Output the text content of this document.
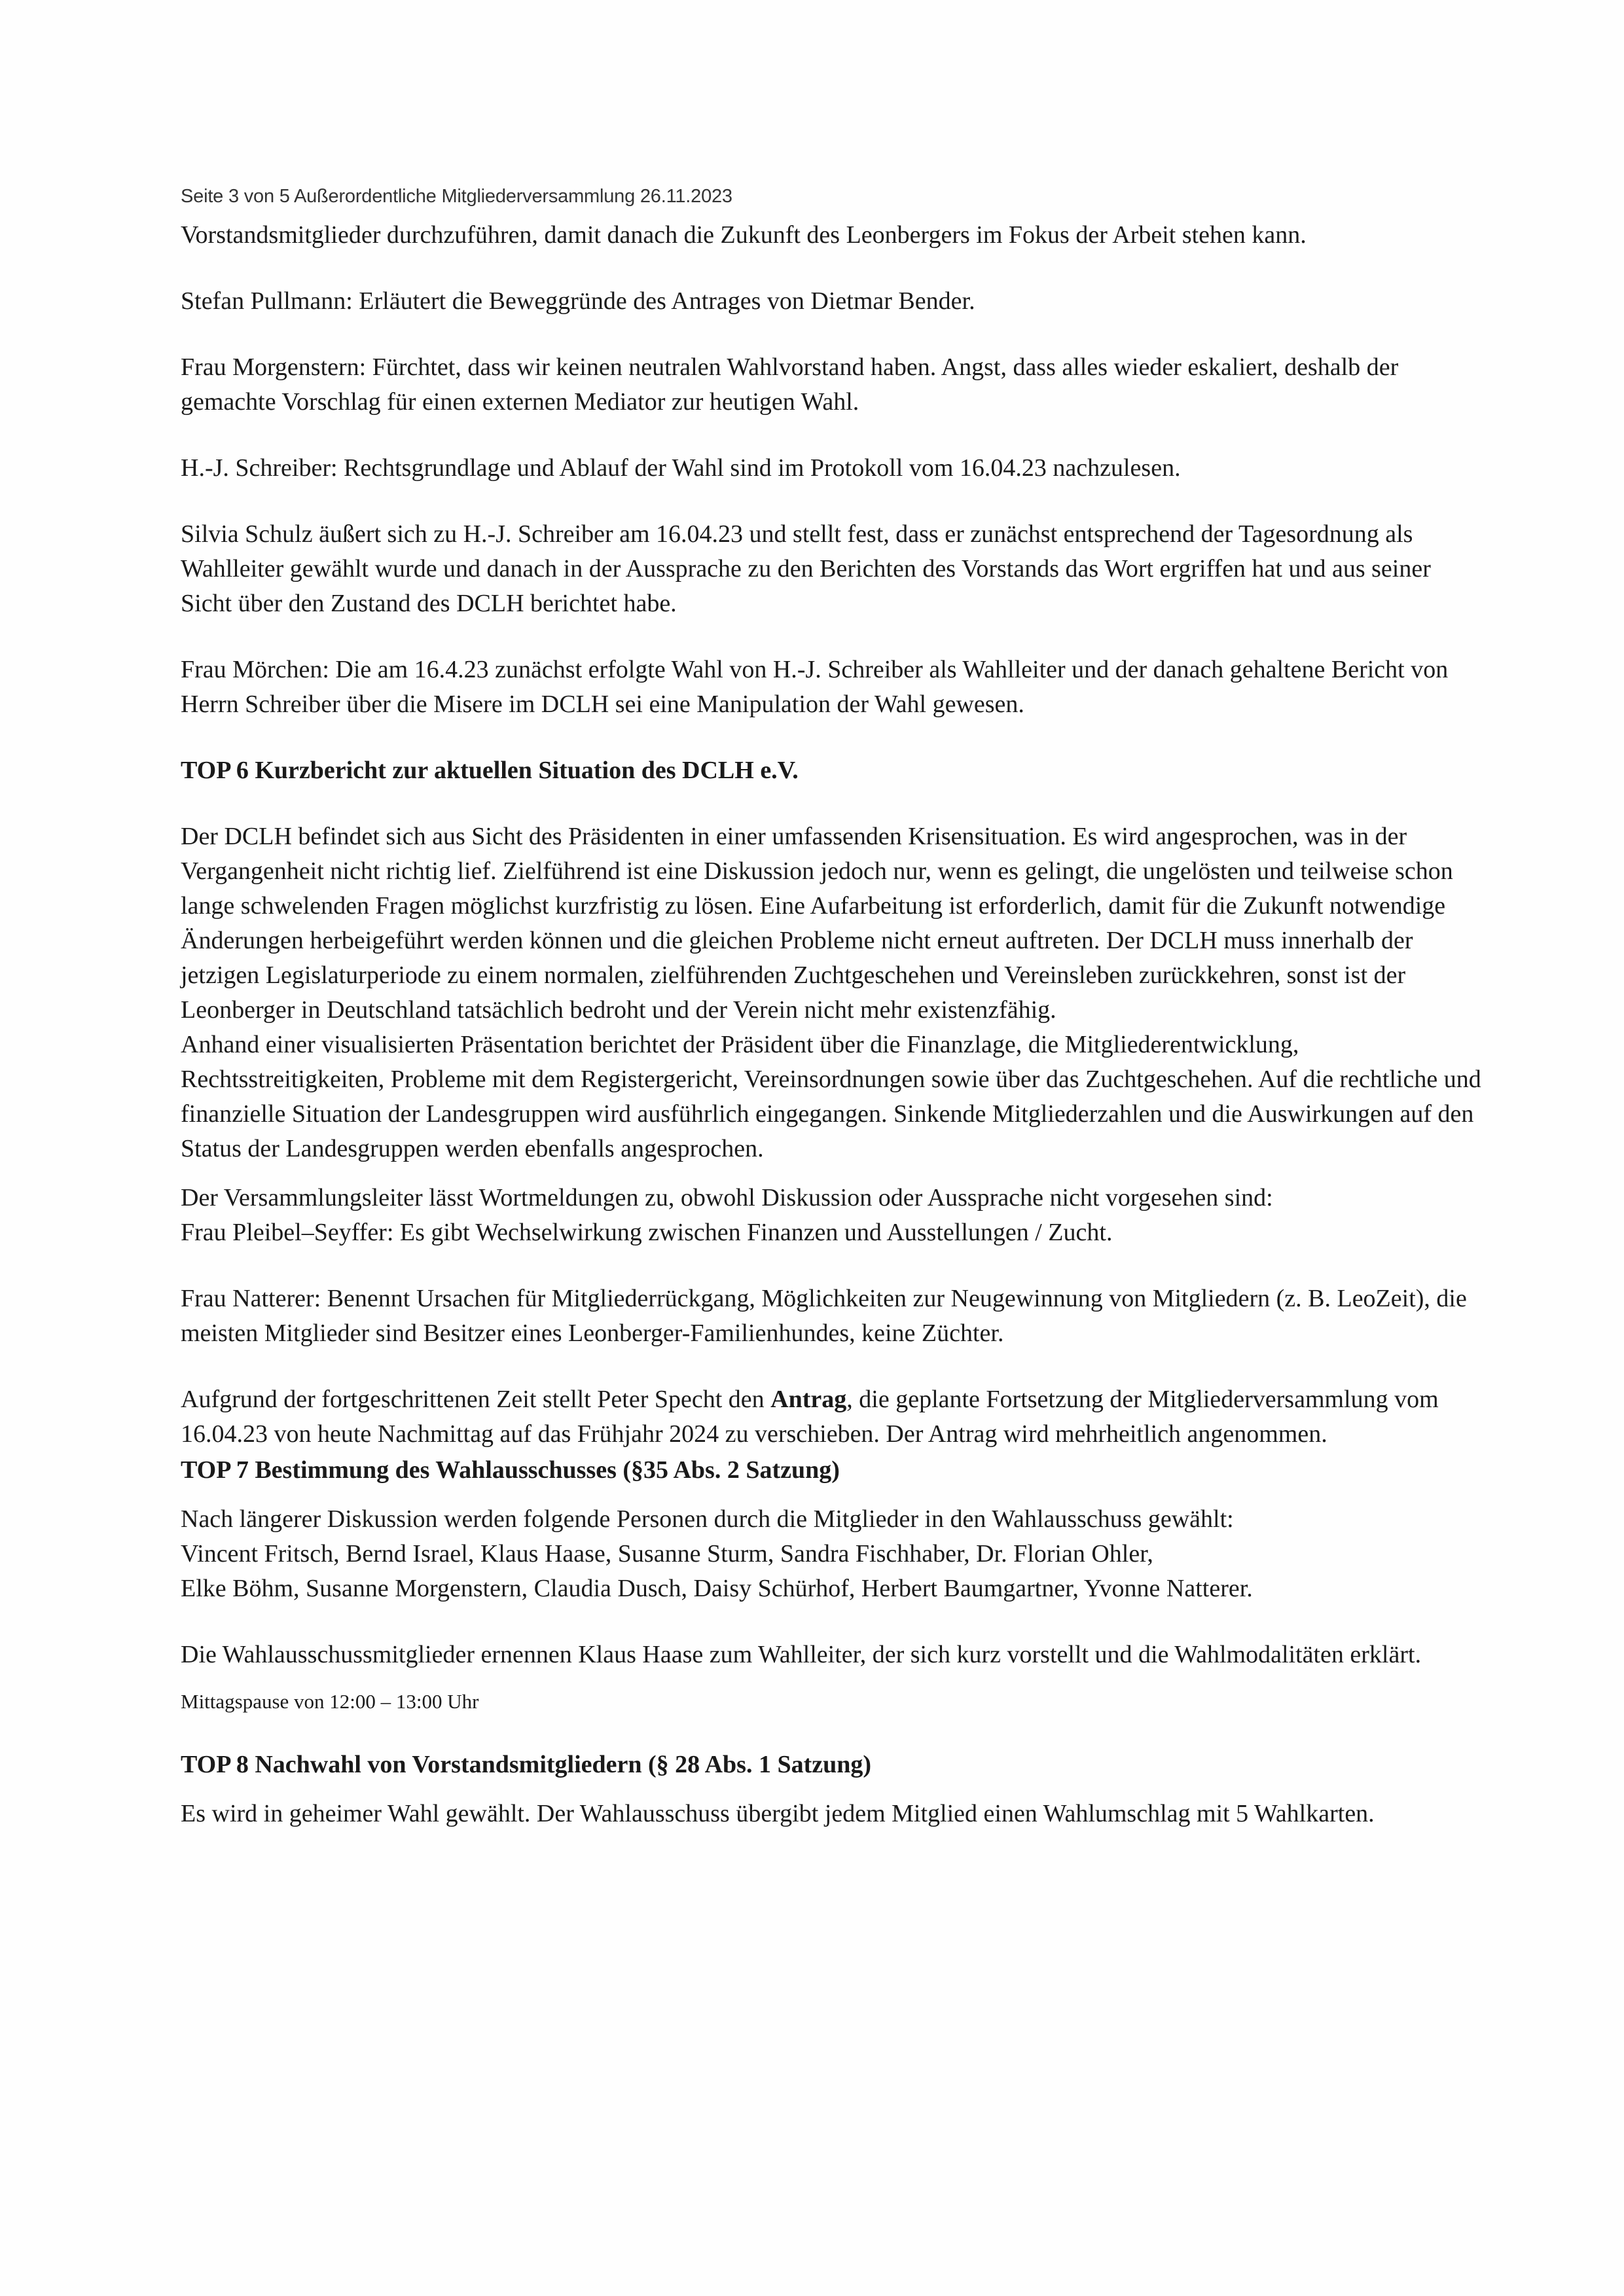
Seite 3 von 5 Außerordentliche Mitgliederversammlung 26.11.2023

Vorstandsmitglieder durchzuführen, damit danach die Zukunft des Leonbergers im Fokus der Arbeit stehen kann.

Stefan Pullmann: Erläutert die Beweggründe des Antrages von Dietmar Bender.

Frau Morgenstern: Fürchtet, dass wir keinen neutralen Wahlvorstand haben. Angst, dass alles wieder eskaliert, deshalb der gemachte Vorschlag für einen externen Mediator zur heutigen Wahl.

H.-J. Schreiber: Rechtsgrundlage und Ablauf der Wahl sind im Protokoll vom 16.04.23 nachzulesen.

Silvia Schulz äußert sich zu H.-J. Schreiber am 16.04.23 und stellt fest, dass er zunächst entsprechend der Tagesordnung als Wahlleiter gewählt wurde und danach in der Aussprache zu den Berichten des Vorstands das Wort ergriffen hat und aus seiner Sicht über den Zustand des DCLH berichtet habe.

Frau Mörchen: Die am 16.4.23 zunächst erfolgte Wahl von H.-J. Schreiber als Wahlleiter und der danach gehaltene Bericht von Herrn Schreiber über die Misere im DCLH sei eine Manipulation der Wahl gewesen.

TOP 6 Kurzbericht zur aktuellen Situation des DCLH e.V.

Der DCLH befindet sich aus Sicht des Präsidenten in einer umfassenden Krisensituation. Es wird angesprochen, was in der Vergangenheit nicht richtig lief. Zielführend ist eine Diskussion jedoch nur, wenn es gelingt, die ungelösten und teilweise schon lange schwelenden Fragen möglichst kurzfristig zu lösen. Eine Aufarbeitung ist erforderlich, damit für die Zukunft notwendige Änderungen herbeigeführt werden können und die gleichen Probleme nicht erneut auftreten. Der DCLH muss innerhalb der jetzigen Legislaturperiode zu einem normalen, zielführenden Zuchtgeschehen und Vereinsleben zurückkehren, sonst ist der Leonberger in Deutschland tatsächlich bedroht und der Verein nicht mehr existenzfähig.

Anhand einer visualisierten Präsentation berichtet der Präsident über die Finanzlage, die Mitgliederentwicklung, Rechtsstreitigkeiten, Probleme mit dem Registergericht, Vereinsordnungen sowie über das Zuchtgeschehen. Auf die rechtliche und finanzielle Situation der Landesgruppen wird ausführlich eingegangen. Sinkende Mitgliederzahlen und die Auswirkungen auf den Status der Landesgruppen werden ebenfalls angesprochen.

Der Versammlungsleiter lässt Wortmeldungen zu, obwohl Diskussion oder Aussprache nicht vorgesehen sind:

Frau Pleibel–Seyffer: Es gibt Wechselwirkung zwischen Finanzen und Ausstellungen / Zucht.

Frau Natterer: Benennt Ursachen für Mitgliederrückgang, Möglichkeiten zur Neugewinnung von Mitgliedern (z. B. LeoZeit), die meisten Mitglieder sind Besitzer eines Leonberger-Familienhundes, keine Züchter.

Aufgrund der fortgeschrittenen Zeit stellt Peter Specht den Antrag, die geplante Fortsetzung der Mitgliederversammlung vom 16.04.23 von heute Nachmittag auf das Frühjahr 2024 zu verschieben. Der Antrag wird mehrheitlich angenommen.

TOP 7 Bestimmung des Wahlausschusses (§35 Abs. 2 Satzung)

Nach längerer Diskussion werden folgende Personen durch die Mitglieder in den Wahlausschuss gewählt:

Vincent Fritsch, Bernd Israel, Klaus Haase, Susanne Sturm, Sandra Fischhaber, Dr. Florian Ohler,

Elke Böhm, Susanne Morgenstern, Claudia Dusch, Daisy Schürhof, Herbert Baumgartner, Yvonne Natterer.

Die Wahlausschussmitglieder ernennen Klaus Haase zum Wahlleiter, der sich kurz vorstellt und die Wahlmodalitäten erklärt.

Mittagspause von 12:00 – 13:00 Uhr

TOP 8 Nachwahl von Vorstandsmitgliedern (§ 28 Abs. 1 Satzung)

Es wird in geheimer Wahl gewählt. Der Wahlausschuss übergibt jedem Mitglied einen Wahlumschlag mit 5 Wahlkarten.
